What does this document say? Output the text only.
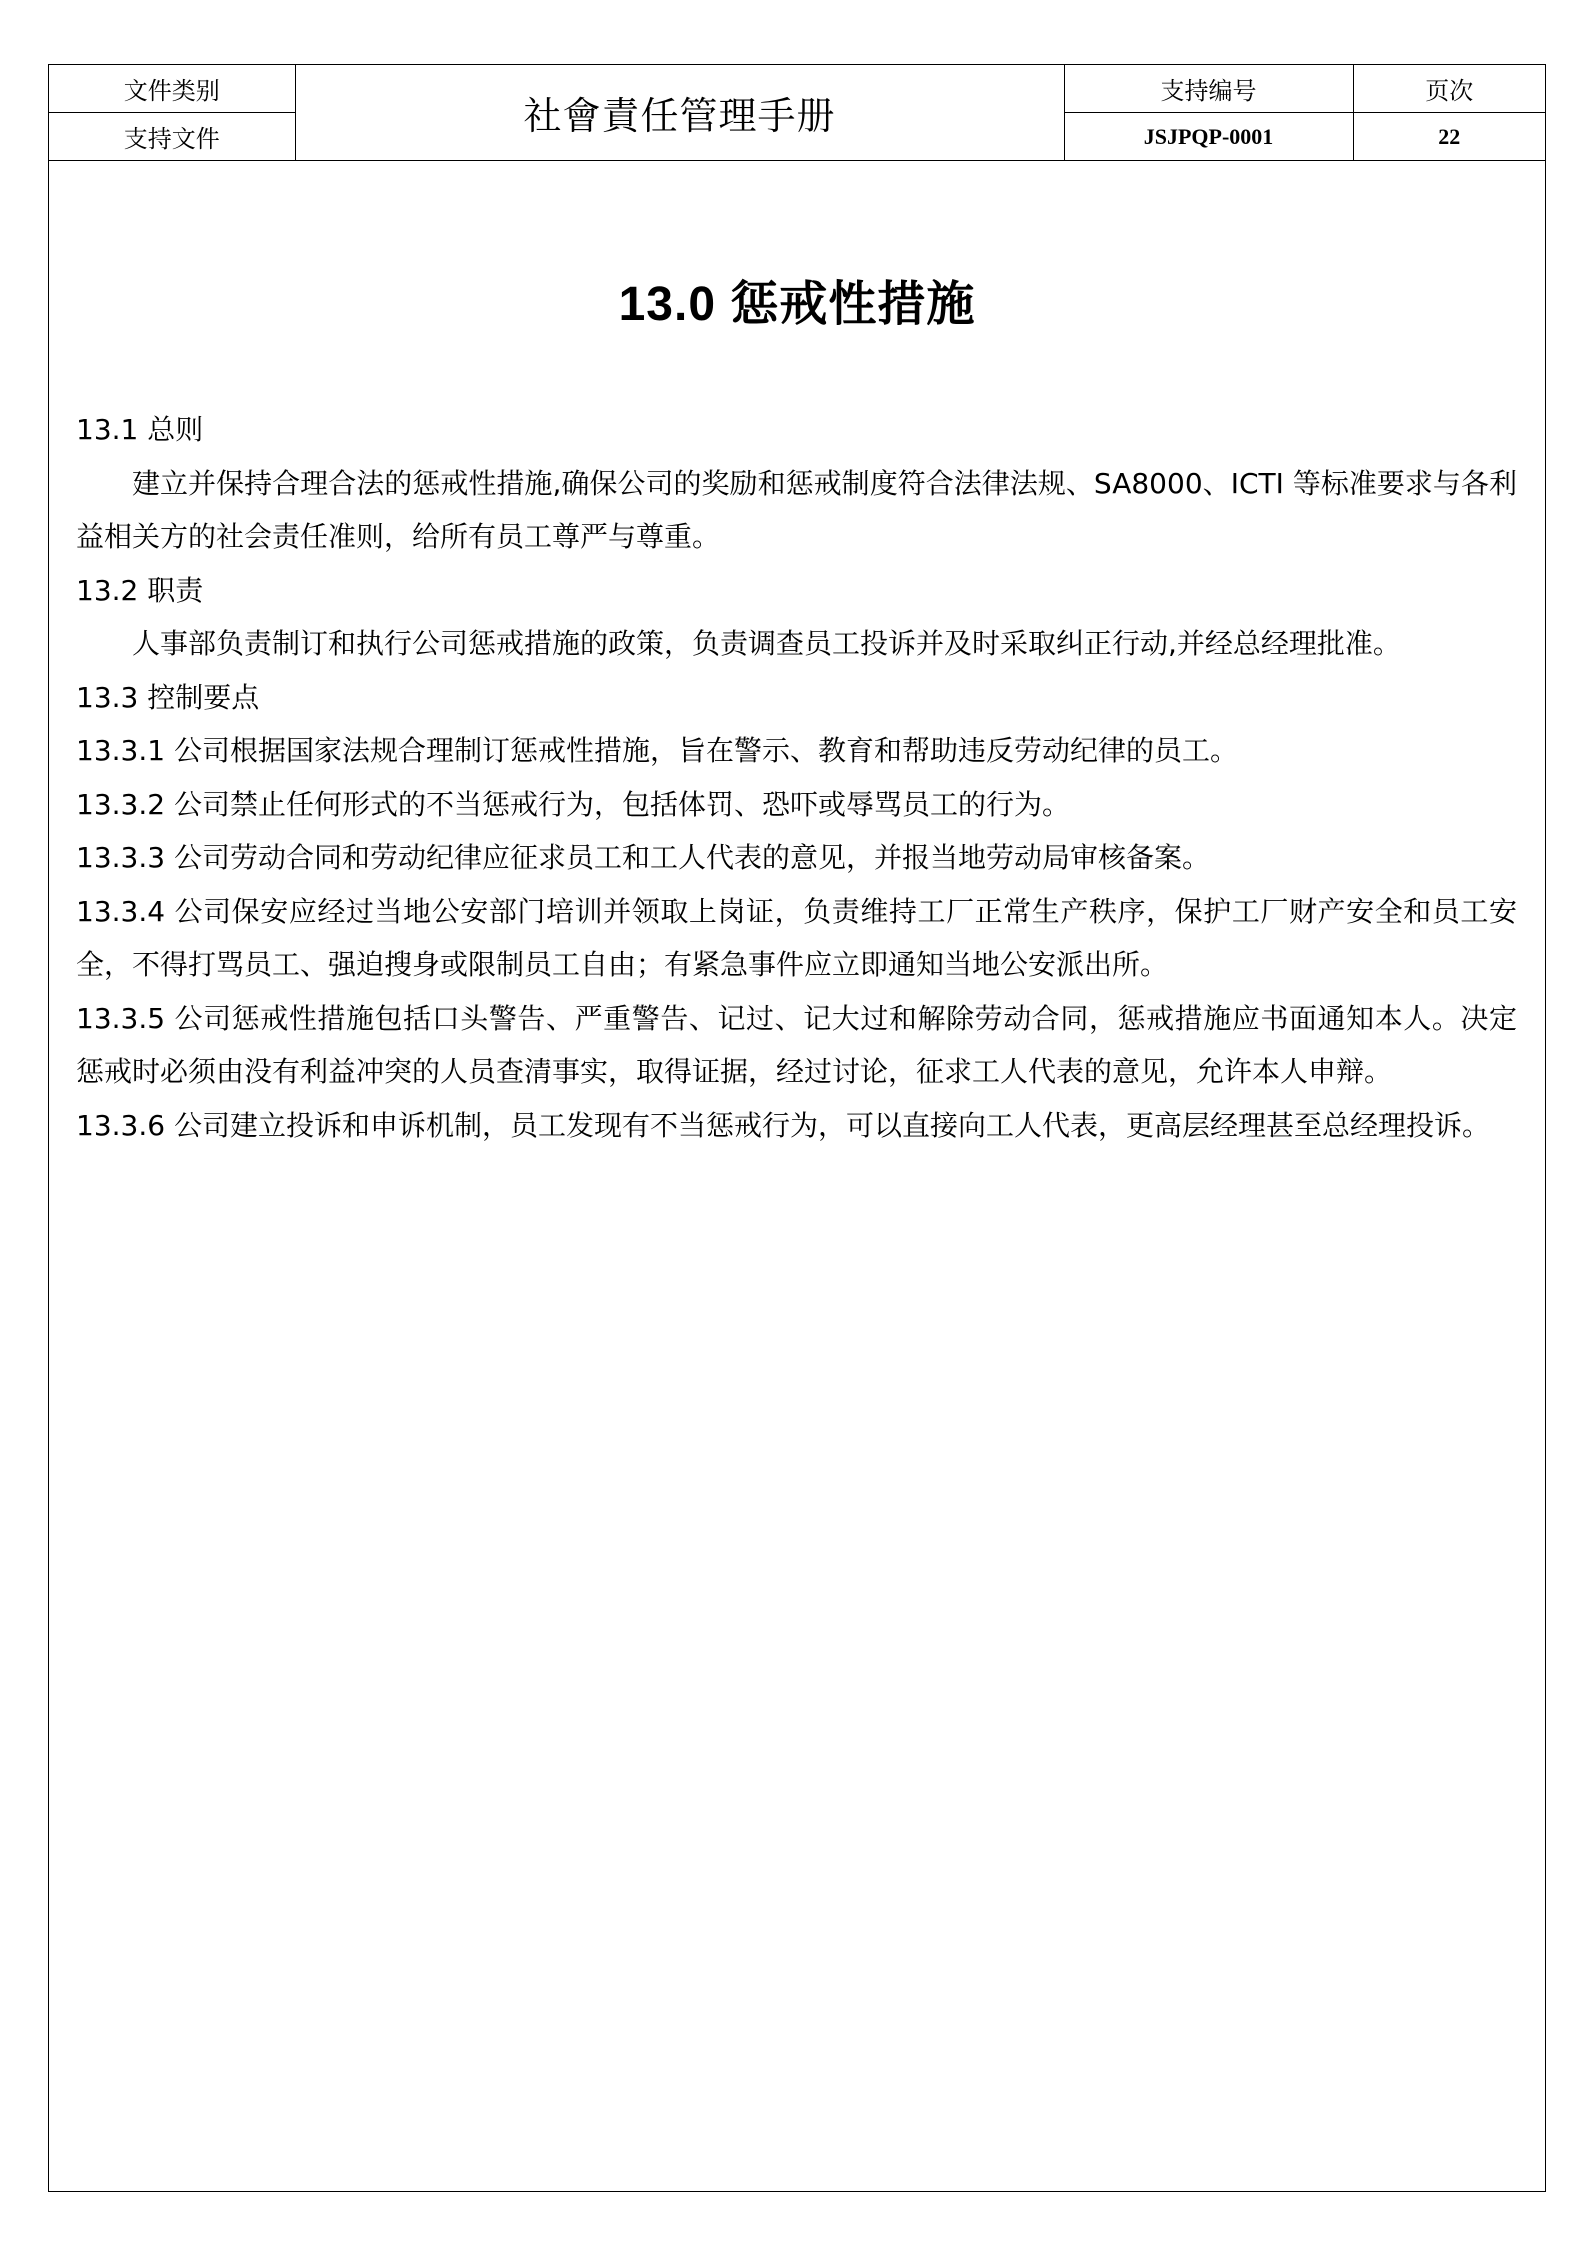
文件类别	社會責任管理手册	支持编号	页次
支持文件		JSJPQP-0001	22
13.0 惩戒性措施

13.1 总则

建立并保持合理合法的惩戒性措施,确保公司的奖励和惩戒制度符合法律法规、SA8000、ICTI 等标准要求与各利益相关方的社会责任准则，给所有员工尊严与尊重。

13.2 职责

人事部负责制订和执行公司惩戒措施的政策，负责调查员工投诉并及时采取纠正行动,并经总经理批准。

13.3 控制要点

13.3.1 公司根据国家法规合理制订惩戒性措施，旨在警示、教育和帮助违反劳动纪律的员工。

13.3.2 公司禁止任何形式的不当惩戒行为，包括体罚、恐吓或辱骂员工的行为。

13.3.3 公司劳动合同和劳动纪律应征求员工和工人代表的意见，并报当地劳动局审核备案。

13.3.4 公司保安应经过当地公安部门培训并领取上岗证，负责维持工厂正常生产秩序，保护工厂财产安全和员工安全，不得打骂员工、强迫搜身或限制员工自由；有紧急事件应立即通知当地公安派出所。

13.3.5 公司惩戒性措施包括口头警告、严重警告、记过、记大过和解除劳动合同，惩戒措施应书面通知本人。决定惩戒时必须由没有利益冲突的人员查清事实，取得证据，经过讨论，征求工人代表的意见，允许本人申辩。

13.3.6 公司建立投诉和申诉机制，员工发现有不当惩戒行为，可以直接向工人代表，更高层经理甚至总经理投诉。
